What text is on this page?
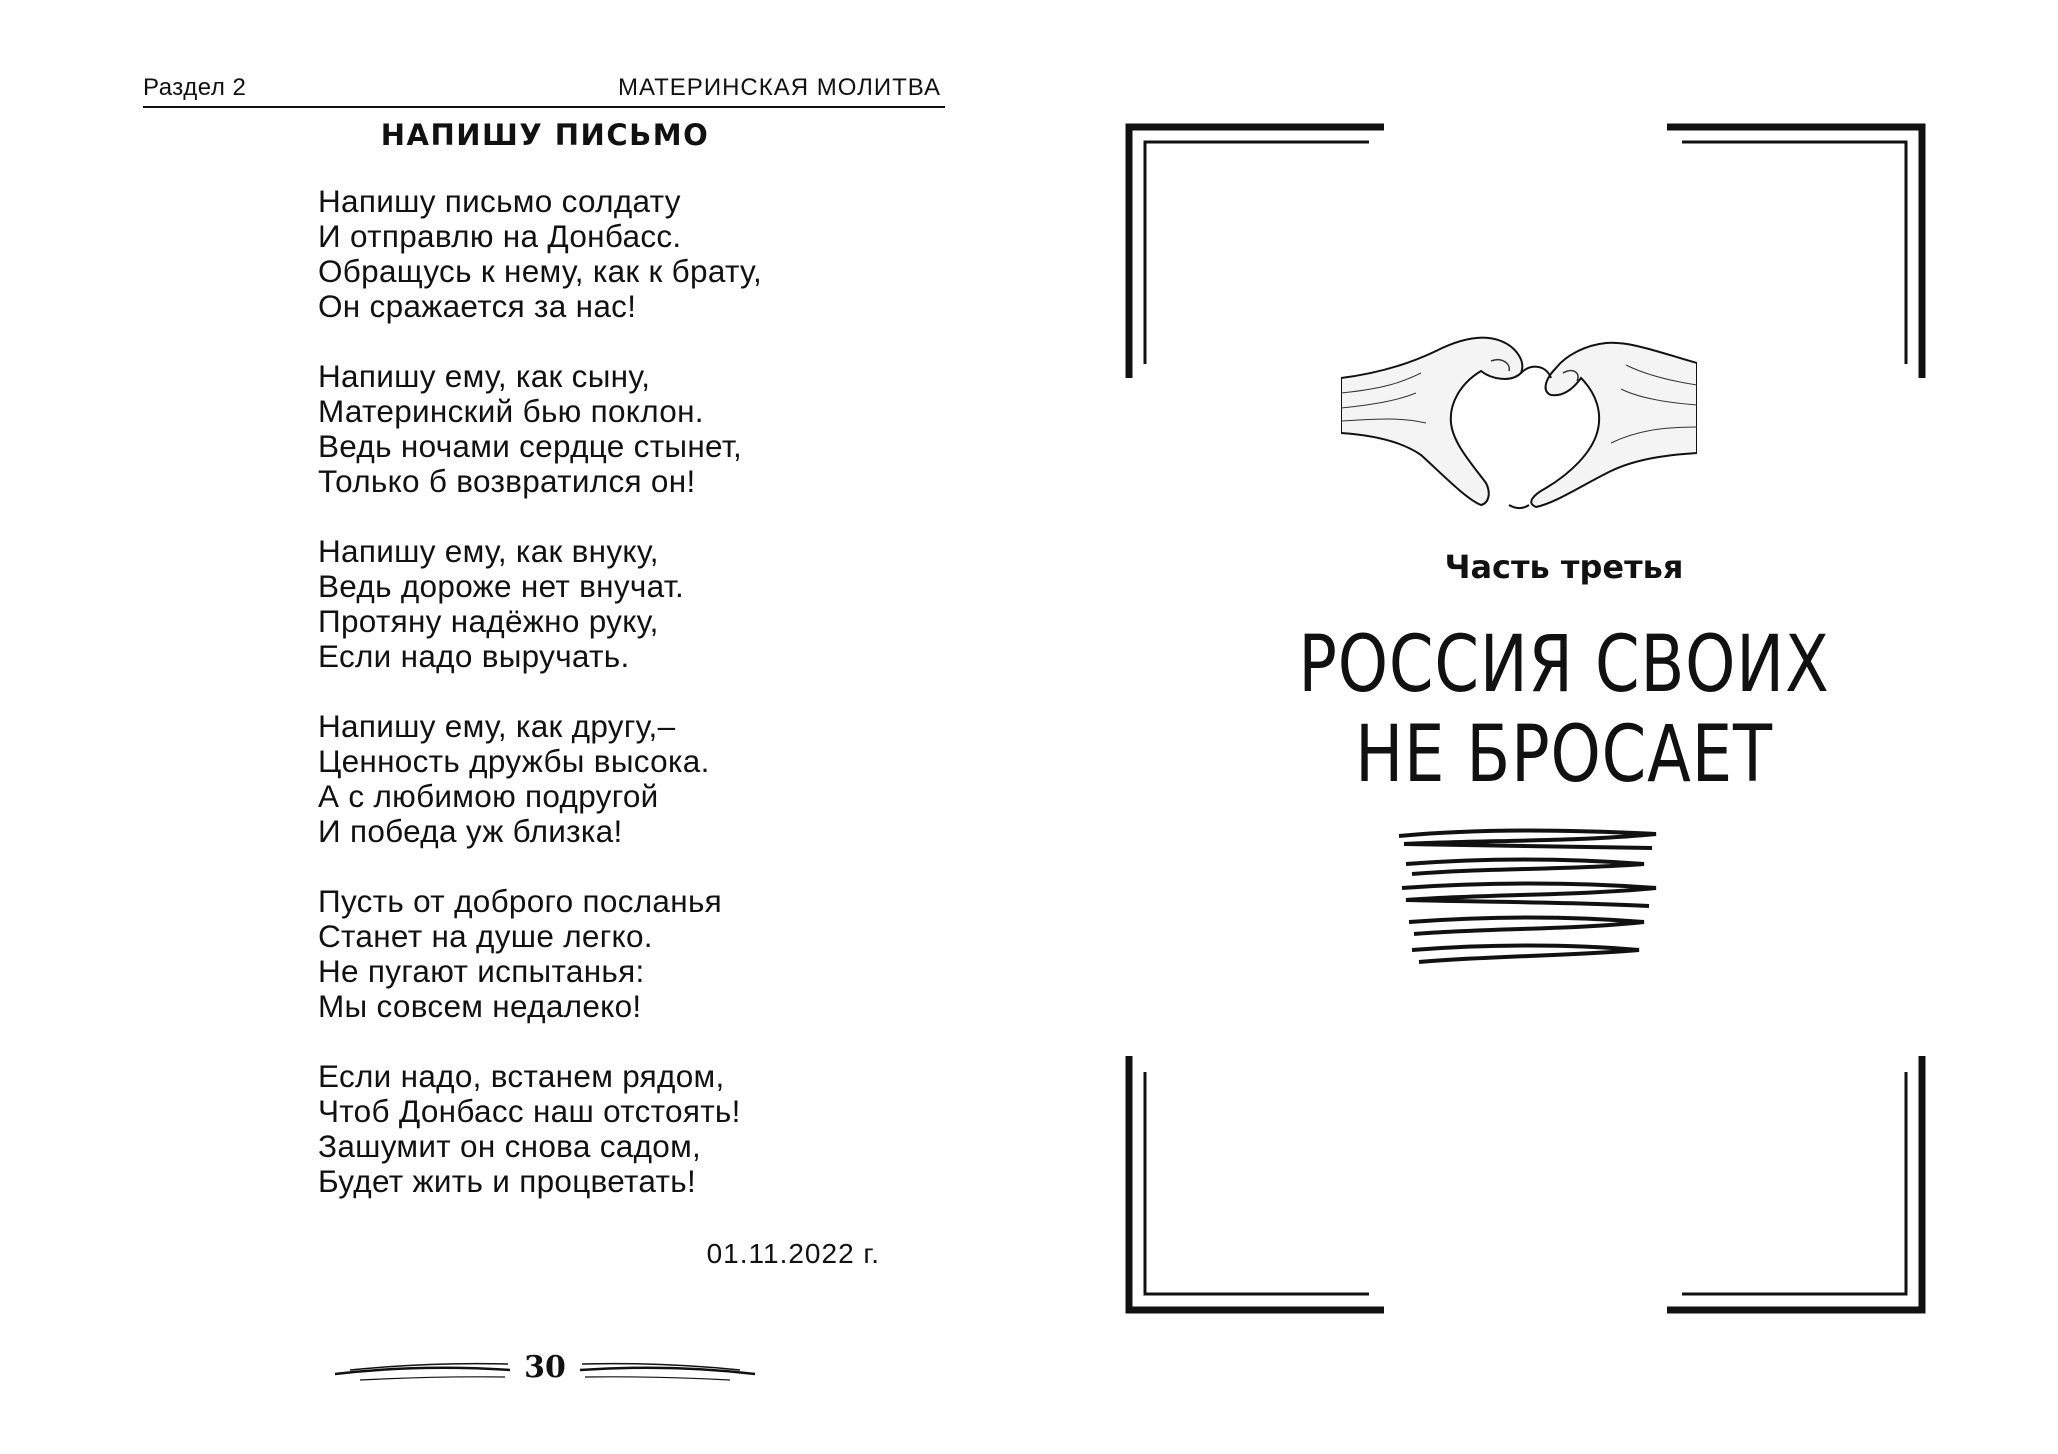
Раздел 2	МАТЕРИНСКАЯ МОЛИТВА
НАПИШУ ПИСЬМО
Напишу письмо солдату
И отправлю на Донбасс.
Обращусь к нему, как к брату,
Он сражается за нас!
Напишу ему, как сыну,
Материнский бью поклон.
Ведь ночами сердце стынет,
Только б возвратился он!
Напишу ему, как внуку,
Ведь дороже нет внучат.
Протяну надёжно руку,
Если надо выручать.
Напишу ему, как другу,–
Ценность дружбы высока.
А с любимою подругой
И победа уж близка!
Пусть от доброго посланья
Станет на душе легко.
Не пугают испытанья:
Мы совсем недалеко!
Если надо, встанем рядом,
Чтоб Донбасс наш отстоять!
Зашумит он снова садом,
Будет жить и процветать!
01.11.2022 г.
30
Часть третья
РОССИЯ СВОИХ
НЕ БРОСАЕТ
